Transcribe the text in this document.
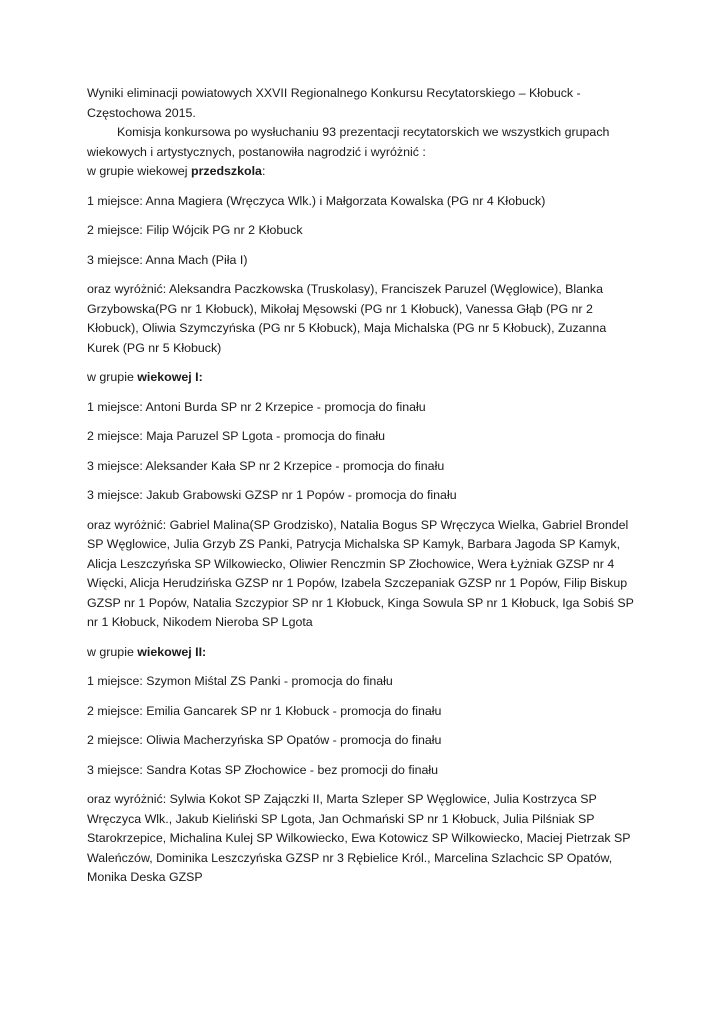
Wyniki eliminacji powiatowych XXVII Regionalnego Konkursu Recytatorskiego – Kłobuck - Częstochowa 2015.

Komisja konkursowa po wysłuchaniu 93 prezentacji recytatorskich we wszystkich grupach wiekowych i artystycznych, postanowiła nagrodzić i wyróżnić :

w grupie wiekowej przedszkola:

1 miejsce: Anna Magiera (Wręczyca Wlk.) i Małgorzata Kowalska (PG nr 4 Kłobuck)

2 miejsce: Filip Wójcik PG nr 2 Kłobuck

3 miejsce: Anna Mach (Piła I)

oraz wyróżnić: Aleksandra Paczkowska (Truskolasy), Franciszek Paruzel (Węglowice), Blanka Grzybowska(PG nr 1 Kłobuck), Mikołaj Męsowski (PG nr 1 Kłobuck), Vanessa Głąb (PG nr 2 Kłobuck), Oliwia Szymczyńska (PG nr 5 Kłobuck), Maja Michalska (PG nr 5 Kłobuck), Zuzanna Kurek (PG nr 5 Kłobuck)

w grupie wiekowej I:

1 miejsce: Antoni Burda SP nr 2 Krzepice - promocja do finału

2 miejsce: Maja Paruzel SP Lgota - promocja do finału

3 miejsce: Aleksander Kała SP nr 2 Krzepice - promocja do finału

3 miejsce: Jakub Grabowski GZSP nr 1 Popów - promocja do finału

oraz wyróżnić: Gabriel Malina(SP Grodzisko), Natalia Bogus SP Wręczyca Wielka, Gabriel Brondel SP Węglowice, Julia Grzyb ZS Panki, Patrycja Michalska SP Kamyk, Barbara Jagoda SP Kamyk, Alicja Leszczyńska SP Wilkowiecko, Oliwier Renczmin SP Złochowice, Wera Łyżniak GZSP nr 4 Więcki, Alicja Herudzińska GZSP nr 1 Popów, Izabela Szczepaniak GZSP nr 1 Popów, Filip Biskup GZSP nr 1 Popów, Natalia Szczypior SP nr 1 Kłobuck, Kinga Sowula SP nr 1 Kłobuck, Iga Sobiś SP nr 1 Kłobuck, Nikodem Nieroba SP Lgota

w grupie wiekowej II:

1 miejsce: Szymon Miśtal ZS Panki - promocja do finału

2 miejsce: Emilia Gancarek SP nr 1 Kłobuck - promocja do finału

2 miejsce: Oliwia Macherzyńska SP Opatów - promocja do finału

3 miejsce: Sandra Kotas SP Złochowice - bez promocji do finału

oraz wyróżnić: Sylwia Kokot SP Zajączki II, Marta Szleper SP Węglowice, Julia Kostrzyca SP Wręczyca Wlk., Jakub Kieliński SP Lgota, Jan Ochmański SP nr 1 Kłobuck, Julia Pilśniak SP Starokrzepice, Michalina Kulej SP Wilkowiecko, Ewa Kotowicz SP Wilkowiecko, Maciej Pietrzak SP Waleńczów, Dominika Leszczyńska GZSP nr 3 Rębielice Król., Marcelina Szlachcic SP Opatów, Monika Deska GZSP
